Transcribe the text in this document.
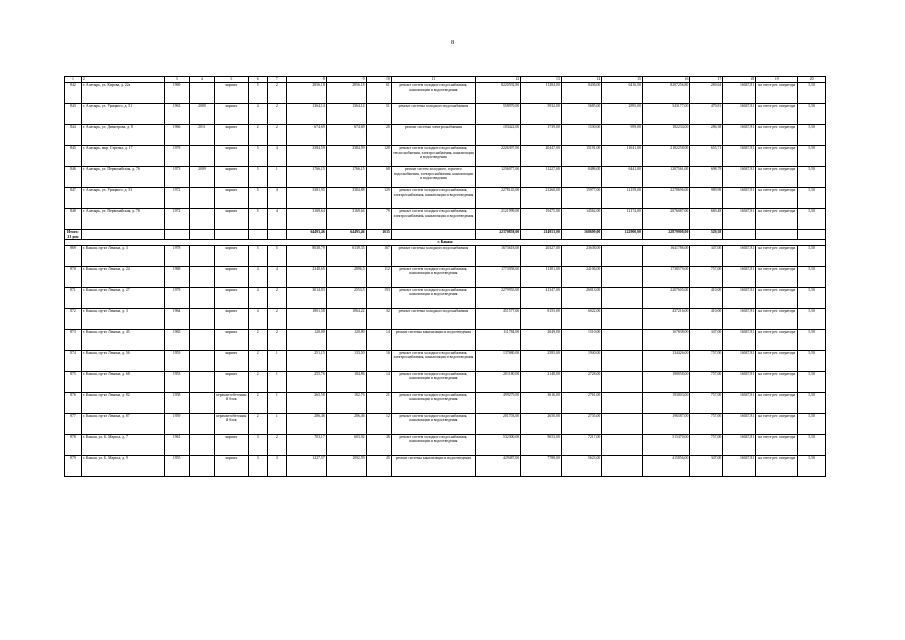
8
1	2	3	4	5	6	7	8	9	10	11	12	13	14	15	16	17	18	19	20
842	г. Алатырь, ул. Кирова, д. 22а	1969		кирпич	5	2	2856,18	2856,18	61	ремонт систем холодного водоснабжения, канализации и водоотведения	8220592,80	11284,00	8436,00	6416,00	8207256,80	269,64	16047,81	на счете рег. оператора	5,50
843	г. Алатырь, ул. Урицкого, д. 51	1963	2009	кирпич	4	2	1364,14	1364,14	51	ремонт системы холодного водоснабжения	558970,00	5932,00	5685,00	2895,00	543177,00	479,81	16047,81	на счете рег. оператора	5,50
844	г. Алатырь, ул. Димитрова, д. 8	1966	2011	кирпич	2	2	674,69	674,69	20	ремонт системы электроснабжения	103422,00	1739,00	1530,00	959,00	182234,00	286,38	16047,81	на счете рег. оператора	5,50
845	г. Алатырь, мкр. Стрелка, д. 17	1978		кирпич	5	4	3384,59	3384,59	128	ремонт систем холодного водоснабжения, теплоснабжения, электроснабжения, канализации и водоотведения	2226397,00	20447,00	15191,00	11641,00	2182258,00	655,71	16047,81	на счете рег. оператора	5,50
846	г. Алатырь, ул. Первомайская, д. 76	1973	2009	кирпич	5	1	1766,15	1766,15	68	ремонт систем холодного, горячего водоснабжения, электроснабжения, канализации и водоотведения	1236077,00	11227,00	8486,00	6441,00	1207561,00	698,79	16047,81	на счете рег. оператора	5,50
847	г. Алатырь, ул. Урицкого, д. 53	1972		кирпич	5	4	3381,95	3384,88	129	ремонт систем холодного водоснабжения, электроснабжения, канализации и водоотведения	2278145,00	21268,00	15977,00	12159,00	2278696,00	989,98	16047,81	на счете рег. оператора	5,50
848	г. Алатырь, ул. Первомайская, д. 78	1972		кирпич	5	4	3169,64	3169,64	79	ремонт систем холодного водоснабжения, электроснабжения, канализации и водоотведения	2121999,00	19475,00	14562,00	12174,00	2076087,00	669,48	16047,81	на счете рег. оператора	5,50
Итого: 21 дом							64493,46	64493,46	1635		22370858,00	214953,00	168699,00	122900,00	22879908,00	529,58			
г. Канаш																			
869	г. Канаш, пр-кт Ленина, д. 3	1978		кирпич	5	5	8038,79	6139,35	167	ремонт системы холодного водоснабжения	1673618,00	20327,00	23638,00		1641786,00	347,00	16047,81	на счете рег. оператора	5,50
870	г. Канаш, пр-кт Ленина, д. 24	1968		кирпич	4	4	2348,65	2896,5	112	ремонт систем холодного водоснабжения, канализации и водоотведения	1773958,00	11381,00	24106,00		1738579,00	757,00	16047,81	на счете рег. оператора	5,50
871	г. Канаш, пр-кт Ленина, д. 27	1978		кирпич	4	2	3014,83	2553,5	193	ремонт систем холодного водоснабжения, канализации и водоотведения	2279955,00	41347,00	26013,00		2207605,00	410,00	16047,81	на счете рег. оператора	5,50
872	г. Канаш, пр-кт Ленина, д. 3	1964		кирпич	4	2	1801,58	1064,22	32	ремонт системы холодного водоснабжения	451577,00	8155,00	6022,00		437216,00	410,00	16047,81	на счете рег. оператора	5,50
873	г. Канаш, пр-кт Ленина, д. 45	1965		кирпич	2	2	120,80	120,80	14	ремонт системы канализации и водоотведения	111784,00	2049,00	1510,00		107838,00	347,00	16047,81	на счете рег. оператора	5,50
874	г. Канаш, пр-кт Ленина, д. 56	1953		кирпич	2	1	251,15	133,50	16	ремонт систем холодного водоснабжения, электроснабжения, канализации и водоотведения	137680,00	2585,00	1940,00		134426,00	757,00	16047,81	на счете рег. оператора	5,50
875	г. Канаш, пр-кт Ленина, д. 68	1953		кирпич	2	1	255,76	184,86	14	ремонт систем холодного водоснабжения, канализации и водоотведения	201180,00	2148,00	2728,00		198058,00	757,00	16047,81	на счете рег. оператора	5,50
876	г. Канаш, пр-кт Ленина, д. 82	1958		керамзитобетонный блок	2	1	265,58	182,76	21	ремонт систем холодного водоснабжения, канализации и водоотведения	499279,00	3616,00	2761,00		193003,00	757,00	16047,81	на счете рег. оператора	5,50
877	г. Канаш, пр-кт Ленина, д. 87	1959		керамзитобетонный блок	2	1	286,46	286,46	12	ремонт систем холодного водоснабжения, канализации и водоотведения	201703,00	2650,00	2735,00		196587,00	757,00	16047,81	на счете рег. оператора	5,50
878	г. Канаш, ул. Б. Маркса, д. 7	1961		кирпич	3	2	703,17	603,92	36	ремонт систем холодного водоснабжения, канализации и водоотведения	532300,00	9653,00	7217,00		515470,00	757,00	16047,81	на счете рег. оператора	5,50
879	г. Канаш, ул. Б. Маркса, д. 9	1955		кирпич	3	3	1227,57	1092,59	45	ремонт системы канализации и водоотведения	429487,00	7788,00	5623,00		415856,00	347,00	16047,81	на счете рег. оператора	5,50
